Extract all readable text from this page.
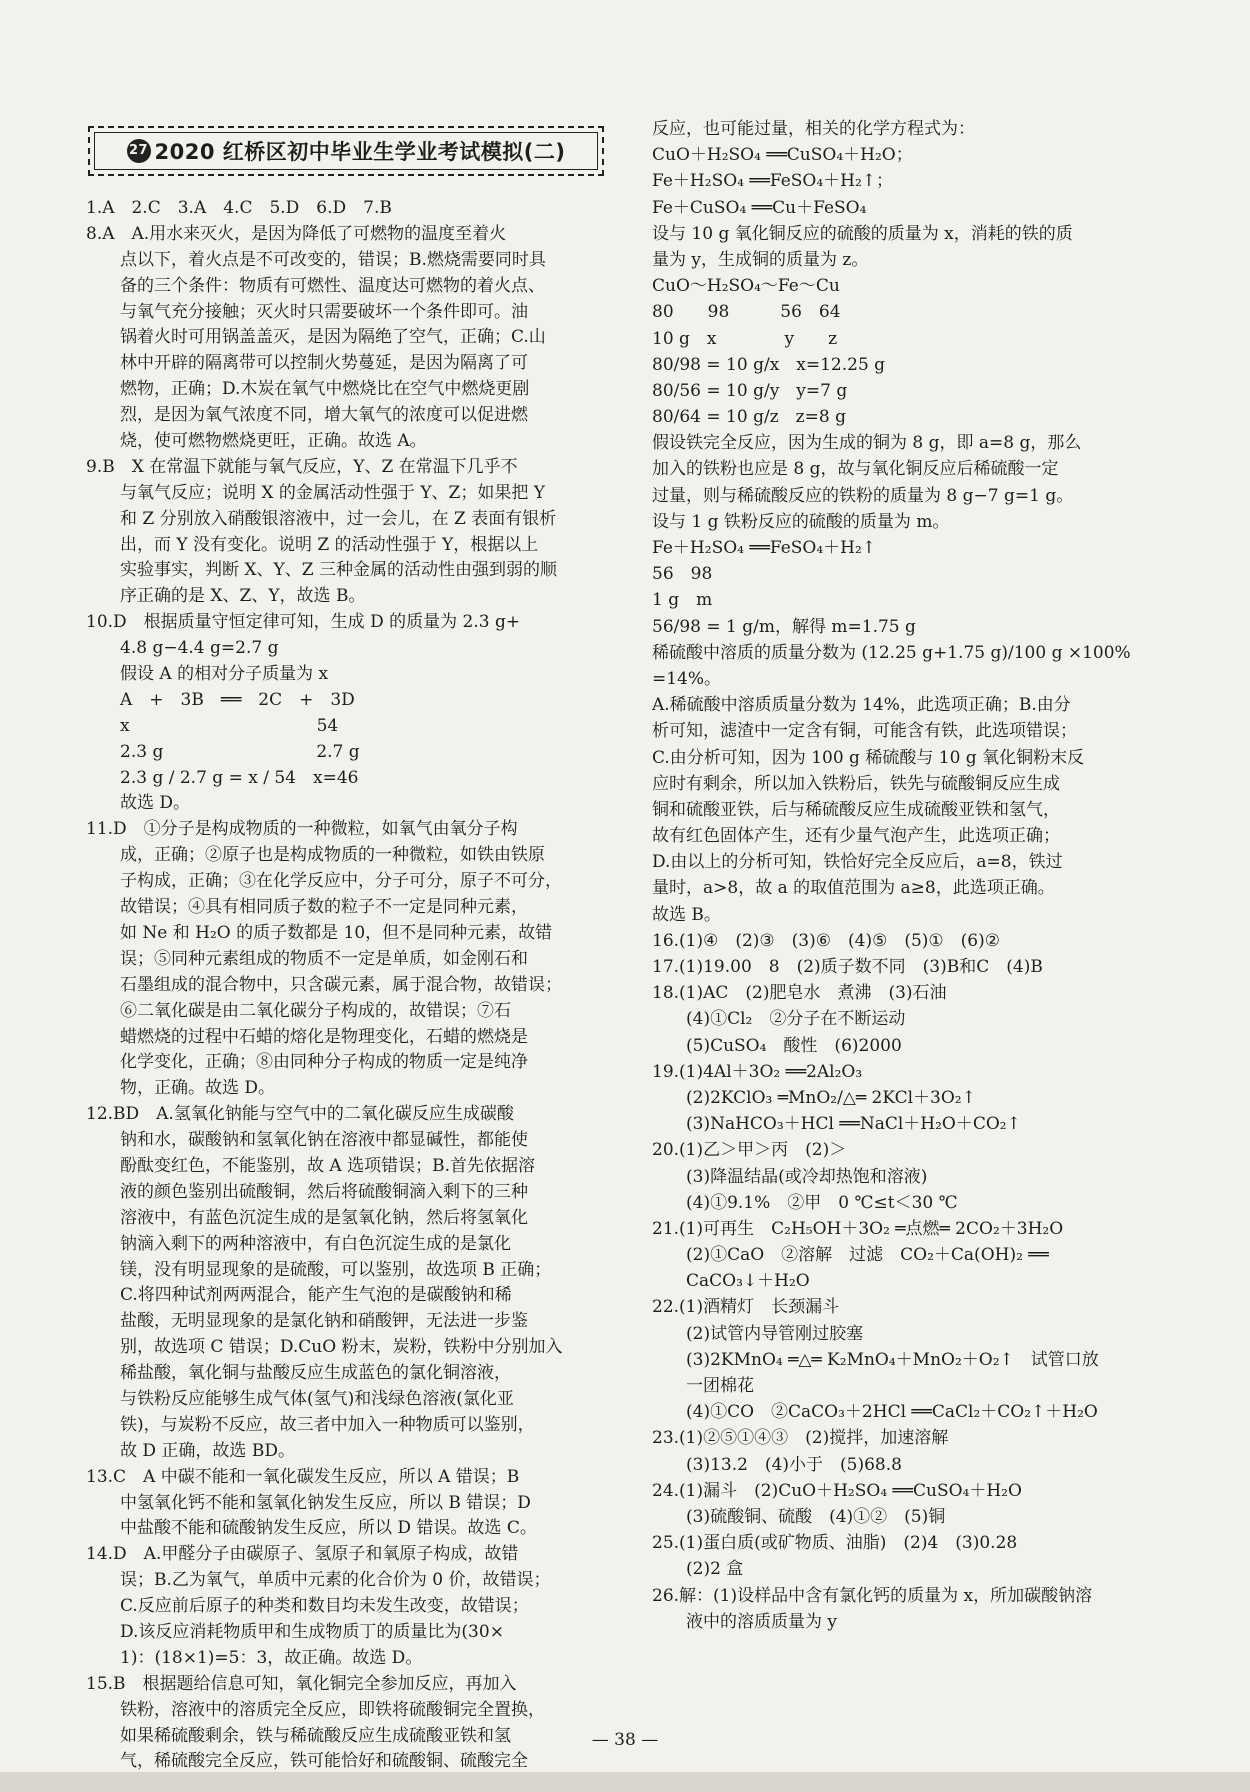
27 2020 红桥区初中毕业生学业考试模拟(二)
1.A　2.C　3.A　4.C　5.D　6.D　7.B
8.A　A.用水来灭火，是因为降低了可燃物的温度至着火
　　点以下，着火点是不可改变的，错误；B.燃烧需要同时具
　　备的三个条件：物质有可燃性、温度达可燃物的着火点、
　　与氧气充分接触；灭火时只需要破坏一个条件即可。油
　　锅着火时可用锅盖盖灭，是因为隔绝了空气，正确；C.山
　　林中开辟的隔离带可以控制火势蔓延，是因为隔离了可
　　燃物，正确；D.木炭在氧气中燃烧比在空气中燃烧更剧
　　烈，是因为氧气浓度不同，增大氧气的浓度可以促进燃
　　烧，使可燃物燃烧更旺，正确。故选 A。
9.B　X 在常温下就能与氧气反应，Y、Z 在常温下几乎不
　　与氧气反应；说明 X 的金属活动性强于 Y、Z；如果把 Y
　　和 Z 分别放入硝酸银溶液中，过一会儿，在 Z 表面有银析
　　出，而 Y 没有变化。说明 Z 的活动性强于 Y，根据以上
　　实验事实，判断 X、Y、Z 三种金属的活动性由强到弱的顺
　　序正确的是 X、Z、Y，故选 B。
10.D　根据质量守恒定律可知，生成 D 的质量为 2.3 g+
　　4.8 g−4.4 g=2.7 g
　　假设 A 的相对分子质量为 x
　　A　+　3B　══　2C　+　3D
　　x　　　　　　　　　　　54
　　2.3 g　　　　　　　　　2.7 g
　　2.3 g / 2.7 g = x / 54　x=46
　　故选 D。
11.D　①分子是构成物质的一种微粒，如氧气由氧分子构
　　成，正确；②原子也是构成物质的一种微粒，如铁由铁原
　　子构成，正确；③在化学反应中，分子可分，原子不可分，
　　故错误；④具有相同质子数的粒子不一定是同种元素，
　　如 Ne 和 H₂O 的质子数都是 10，但不是同种元素，故错
　　误；⑤同种元素组成的物质不一定是单质，如金刚石和
　　石墨组成的混合物中，只含碳元素，属于混合物，故错误；
　　⑥二氧化碳是由二氧化碳分子构成的，故错误；⑦石
　　蜡燃烧的过程中石蜡的熔化是物理变化，石蜡的燃烧是
　　化学变化，正确；⑧由同种分子构成的物质一定是纯净
　　物，正确。故选 D。
12.BD　A.氢氧化钠能与空气中的二氧化碳反应生成碳酸
　　钠和水，碳酸钠和氢氧化钠在溶液中都显碱性，都能使
　　酚酞变红色，不能鉴别，故 A 选项错误；B.首先依据溶
　　液的颜色鉴别出硫酸铜，然后将硫酸铜滴入剩下的三种
　　溶液中，有蓝色沉淀生成的是氢氧化钠，然后将氢氧化
　　钠滴入剩下的两种溶液中，有白色沉淀生成的是氯化
　　镁，没有明显现象的是硫酸，可以鉴别，故选项 B 正确；
　　C.将四种试剂两两混合，能产生气泡的是碳酸钠和稀
　　盐酸，无明显现象的是氯化钠和硝酸钾，无法进一步鉴
　　别，故选项 C 错误；D.CuO 粉末，炭粉，铁粉中分别加入
　　稀盐酸，氧化铜与盐酸反应生成蓝色的氯化铜溶液，
　　与铁粉反应能够生成气体(氢气)和浅绿色溶液(氯化亚
　　铁)，与炭粉不反应，故三者中加入一种物质可以鉴别，
　　故 D 正确，故选 BD。
13.C　A 中碳不能和一氧化碳发生反应，所以 A 错误；B
　　中氢氧化钙不能和氢氧化钠发生反应，所以 B 错误；D
　　中盐酸不能和硫酸钠发生反应，所以 D 错误。故选 C。
14.D　A.甲醛分子由碳原子、氢原子和氧原子构成，故错
　　误；B.乙为氧气，单质中元素的化合价为 0 价，故错误；
　　C.反应前后原子的种类和数目均未发生改变，故错误；
　　D.该反应消耗物质甲和生成物质丁的质量比为(30×
　　1)：(18×1)=5：3，故正确。故选 D。
15.B　根据题给信息可知，氧化铜完全参加反应，再加入
　　铁粉，溶液中的溶质完全反应，即铁将硫酸铜完全置换，
　　如果稀硫酸剩余，铁与稀硫酸反应生成硫酸亚铁和氢
　　气，稀硫酸完全反应，铁可能恰好和硫酸铜、硫酸完全
反应，也可能过量，相关的化学方程式为：
CuO＋H₂SO₄ ══CuSO₄＋H₂O；
Fe＋H₂SO₄ ══FeSO₄＋H₂↑；
Fe＋CuSO₄ ══Cu＋FeSO₄
设与 10 g 氧化铜反应的硫酸的质量为 x，消耗的铁的质
量为 y，生成铜的质量为 z。
CuO～H₂SO₄～Fe～Cu
80　　98　　　56　64
10 g　x　　　　y　　z
80/98 = 10 g/x　x=12.25 g
80/56 = 10 g/y　y=7 g
80/64 = 10 g/z　z=8 g
假设铁完全反应，因为生成的铜为 8 g，即 a=8 g，那么
加入的铁粉也应是 8 g，故与氧化铜反应后稀硫酸一定
过量，则与稀硫酸反应的铁粉的质量为 8 g−7 g=1 g。
设与 1 g 铁粉反应的硫酸的质量为 m。
Fe＋H₂SO₄ ══FeSO₄＋H₂↑
56　98
1 g　m
56/98 = 1 g/m，解得 m=1.75 g
稀硫酸中溶质的质量分数为 (12.25 g+1.75 g)/100 g ×100%
=14%。
A.稀硫酸中溶质质量分数为 14%，此选项正确；B.由分
析可知，滤渣中一定含有铜，可能含有铁，此选项错误；
C.由分析可知，因为 100 g 稀硫酸与 10 g 氧化铜粉末反
应时有剩余，所以加入铁粉后，铁先与硫酸铜反应生成
铜和硫酸亚铁，后与稀硫酸反应生成硫酸亚铁和氢气，
故有红色固体产生，还有少量气泡产生，此选项正确；
D.由以上的分析可知，铁恰好完全反应后，a=8，铁过
量时，a>8，故 a 的取值范围为 a≥8，此选项正确。
故选 B。
16.(1)④　(2)③　(3)⑥　(4)⑤　(5)①　(6)②
17.(1)19.00　8　(2)质子数不同　(3)B和C　(4)B
18.(1)AC　(2)肥皂水　煮沸　(3)石油
　　(4)①Cl₂　②分子在不断运动
　　(5)CuSO₄　酸性　(6)2000
19.(1)4Al＋3O₂ ══2Al₂O₃
　　(2)2KClO₃ ═MnO₂/△═ 2KCl＋3O₂↑
　　(3)NaHCO₃＋HCl ══NaCl＋H₂O＋CO₂↑
20.(1)乙＞甲＞丙　(2)＞
　　(3)降温结晶(或冷却热饱和溶液)
　　(4)①9.1%　②甲　0 ℃≤t＜30 ℃
21.(1)可再生　C₂H₅OH＋3O₂ ═点燃═ 2CO₂＋3H₂O
　　(2)①CaO　②溶解　过滤　CO₂＋Ca(OH)₂ ══
　　CaCO₃↓＋H₂O
22.(1)酒精灯　长颈漏斗
　　(2)试管内导管刚过胶塞
　　(3)2KMnO₄ ═△═ K₂MnO₄＋MnO₂＋O₂↑　试管口放
　　一团棉花
　　(4)①CO　②CaCO₃＋2HCl ══CaCl₂＋CO₂↑＋H₂O
23.(1)②⑤①④③　(2)搅拌，加速溶解
　　(3)13.2　(4)小于　(5)68.8
24.(1)漏斗　(2)CuO＋H₂SO₄ ══CuSO₄＋H₂O
　　(3)硫酸铜、硫酸　(4)①②　(5)铜
25.(1)蛋白质(或矿物质、油脂)　(2)4　(3)0.28
　　(2)2 盒
26.解：(1)设样品中含有氯化钙的质量为 x，所加碳酸钠溶
　　液中的溶质质量为 y
— 38 —
